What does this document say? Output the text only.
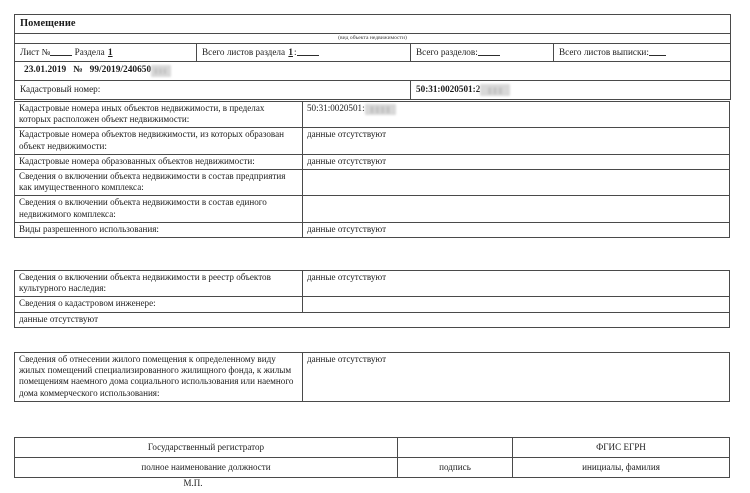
Помещение			
(вид объекта недвижимости)			
Лист № Раздела 1	Всего листов раздела 1:	Всего разделов:	Всего листов выписки:
23.01.2019 № 99/2019/240650 ▮▮▮			
Кадастровый номер:		50:31:0020501:2 ▮▮▮	
Кадастровые номера иных объектов недвижимости, в пределах которых расположен объект недвижимости:	50:31:0020501: ▮▮▮▮
Кадастровые номера объектов недвижимости, из которых образован объект недвижимости:	данные отсутствуют
Кадастровые номера образованных объектов недвижимости:	данные отсутствуют
Сведения о включении объекта недвижимости в состав предприятия как имущественного комплекса:	
Сведения о включении объекта недвижимости в состав единого недвижимого комплекса:	
Виды разрешенного использования:	данные отсутствуют
Сведения о включении объекта недвижимости в реестр объектов культурного наследия:	данные отсутствуют
Сведения о кадастровом инженере:	
данные отсутствуют	
Сведения об отнесении жилого помещения к определенному виду жилых помещений специализированного жилищного фонда, к жилым помещениям наемного дома социального использования или наемного дома коммерческого использования:	данные отсутствуют
Государственный регистратор		ФГИС ЕГРН
полное наименование должности	подпись	инициалы, фамилия
М.П.
